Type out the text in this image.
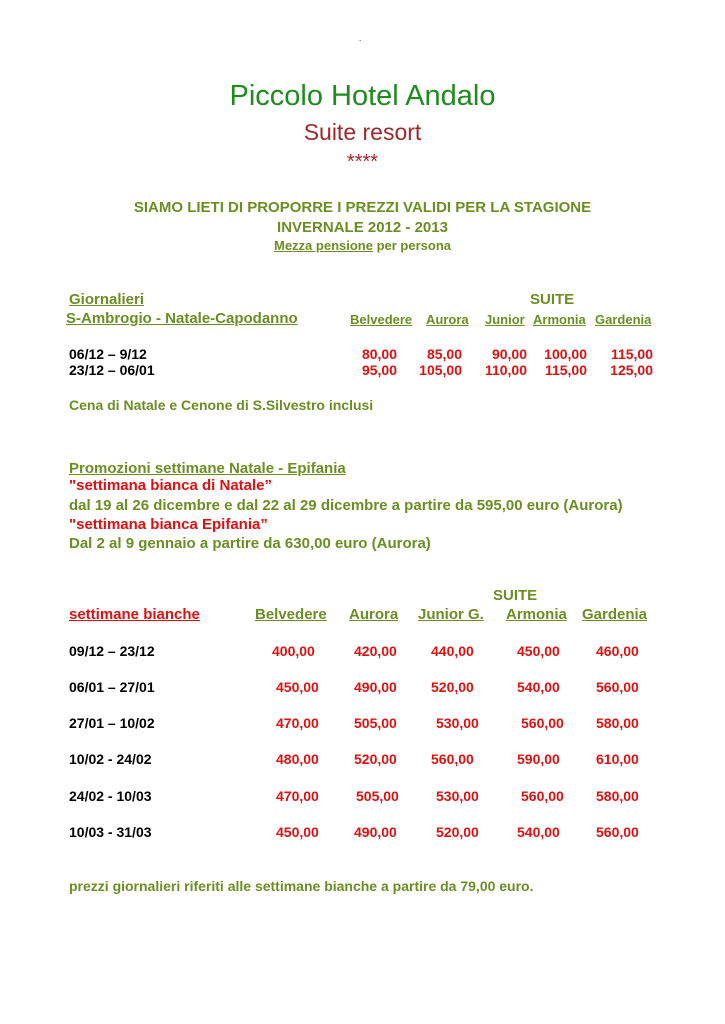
.
Piccolo Hotel Andalo
Suite resort
****
SIAMO LIETI DI PROPORRE I PREZZI VALIDI PER LA STAGIONE
INVERNALE 2012 - 2013
Mezza pensione per persona
Giornalieri	SUITE
S-Ambrogio - Natale-Capodanno	Belvedere Aurora Junior Armonia Gardenia
06/12 – 9/12	80,00	85,00	90,00	100,00	115,00
23/12 – 06/01	95,00	105,00	110,00	115,00	125,00
Cena di Natale e Cenone di S.Silvestro inclusi
Promozioni settimane Natale - Epifania
"settimana bianca di Natale”
dal 19 al 26 dicembre e dal 22 al 29 dicembre a partire da 595,00 euro (Aurora)
"settimana bianca Epifania”
Dal 2 al 9 gennaio a partire da 630,00 euro (Aurora)
SUITE
settimane bianche	Belvedere Aurora Junior G. Armonia Gardenia
09/12 – 23/12	400,00	420,00 440,00	450,00	460,00
06/01 – 27/01	450,00	490,00 520,00	540,00	560,00
27/01 – 10/02	470,00	505,00	530,00	560,00 580,00
10/02 - 24/02	480,00	520,00 560,00	590,00	610,00
24/02 - 10/03	470,00	505,00	530,00	560,00 580,00
10/03 - 31/03	450,00	490,00	520,00	540,00	560,00
prezzi giornalieri riferiti alle settimane bianche a partire da 79,00 euro.
